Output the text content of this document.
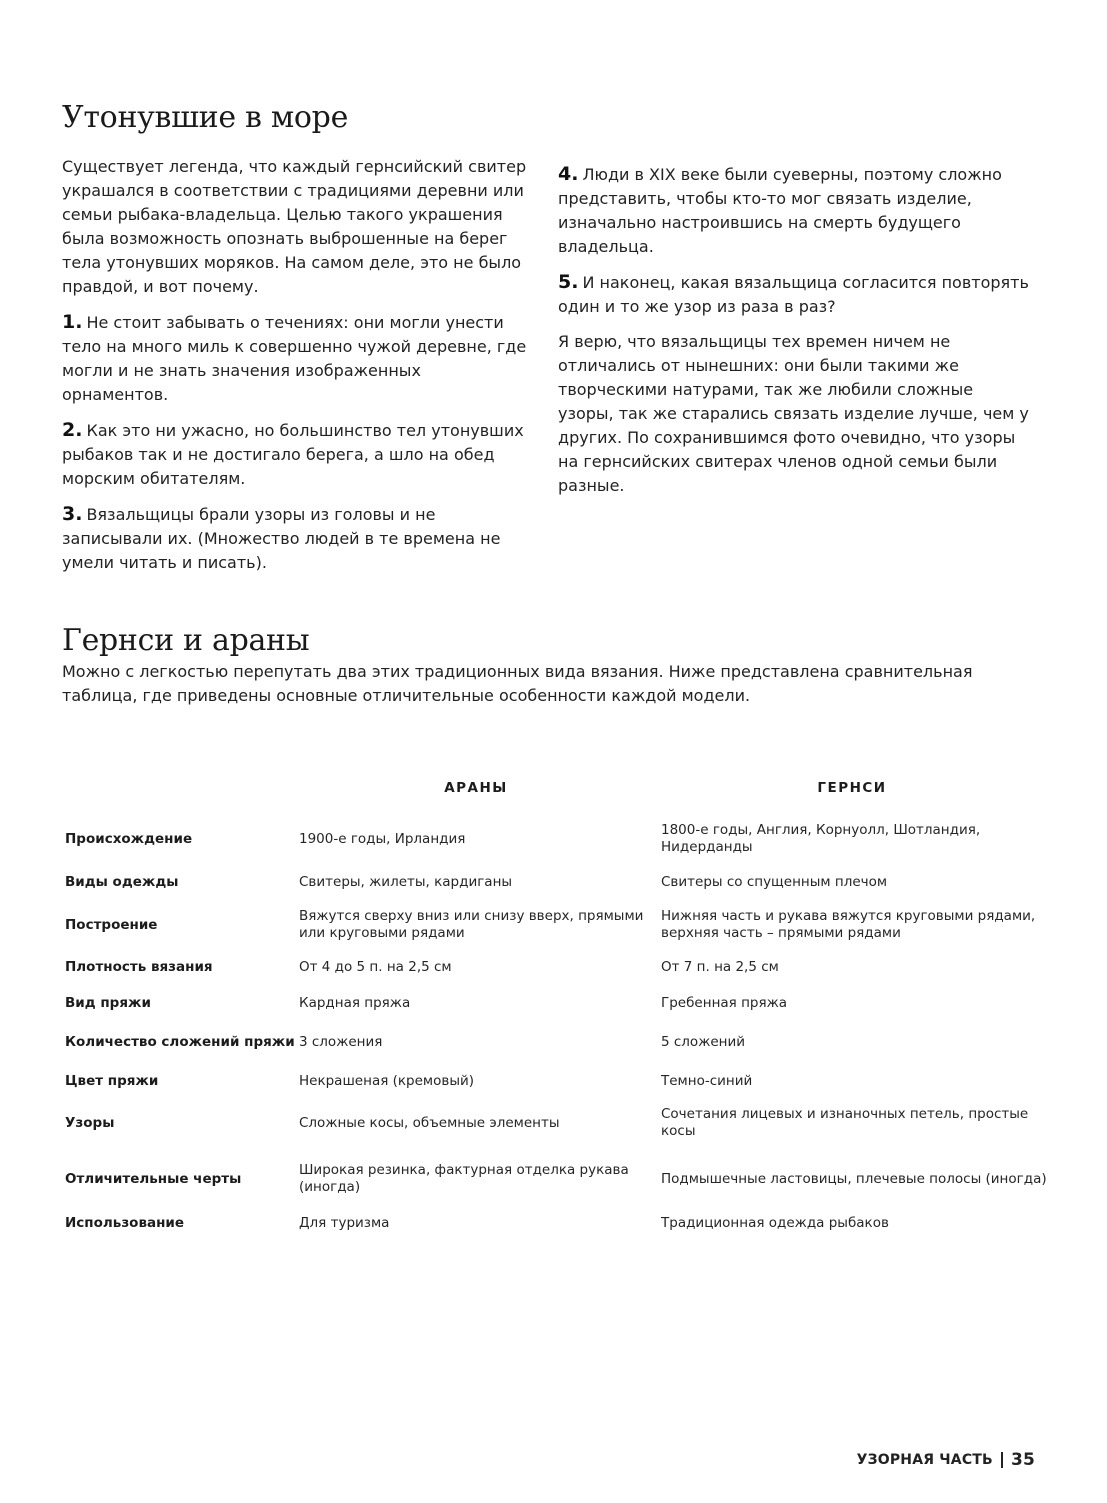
Утонувшие в море

Существует легенда, что каждый гернсийский свитер украшался в соответствии с традициями деревни или семьи рыбака-владельца. Целью такого украшения была возможность опознать выброшенные на берег тела утонувших моряков. На самом деле, это не было правдой, и вот почему.

1. Не стоит забывать о течениях: они могли унести тело на много миль к совершенно чужой деревне, где могли и не знать значения изображенных орнаментов.

2. Как это ни ужасно, но большинство тел утонувших рыбаков так и не достигало берега, а шло на обед морским обитателям.

3. Вязальщицы брали узоры из головы и не записывали их. (Множество людей в те времена не умели читать и писать).

4. Люди в XIX веке были суеверны, поэтому сложно представить, чтобы кто-то мог связать изделие, изначально настроившись на смерть будущего владельца.

5. И наконец, какая вязальщица согласится повторять один и то же узор из раза в раз?

Я верю, что вязальщицы тех времен ничем не отличались от нынешних: они были такими же творческими натурами, так же любили сложные узоры, так же старались связать изделие лучше, чем у других. По сохранившимся фото очевидно, что узоры на гернсийских свитерах членов одной семьи были разные.

Гернси и араны

Можно с легкостью перепутать два этих традиционных вида вязания. Ниже представлена сравнительная таблица, где приведены основные отличительные особенности каждой модели.

	АРАНЫ	ГЕРНСИ
Происхождение	1900-е годы, Ирландия	1800-е годы, Англия, Корнуолл, Шотландия, Нидерданды
Виды одежды	Свитеры, жилеты, кардиганы	Свитеры со спущенным плечом
Построение	Вяжутся сверху вниз или снизу вверх, прямыми или круговыми рядами	Нижняя часть и рукава вяжутся круговыми рядами, верхняя часть – прямыми рядами
Плотность вязания	От 4 до 5 п. на 2,5 см	От 7 п. на 2,5 см
Вид пряжи	Кардная пряжа	Гребенная пряжа
Количество сложений пряжи	3 сложения	5 сложений
Цвет пряжи	Некрашеная (кремовый)	Темно-синий
Узоры	Сложные косы, объемные элементы	Сочетания лицевых и изнаночных петель, простые косы
Отличительные черты	Широкая резинка, фактурная отделка рукава (иногда)	Подмышечные ластовицы, плечевые полосы (иногда)
Использование	Для туризма	Традиционная одежда рыбаков
УЗОРНАЯ ЧАСТЬ 35
